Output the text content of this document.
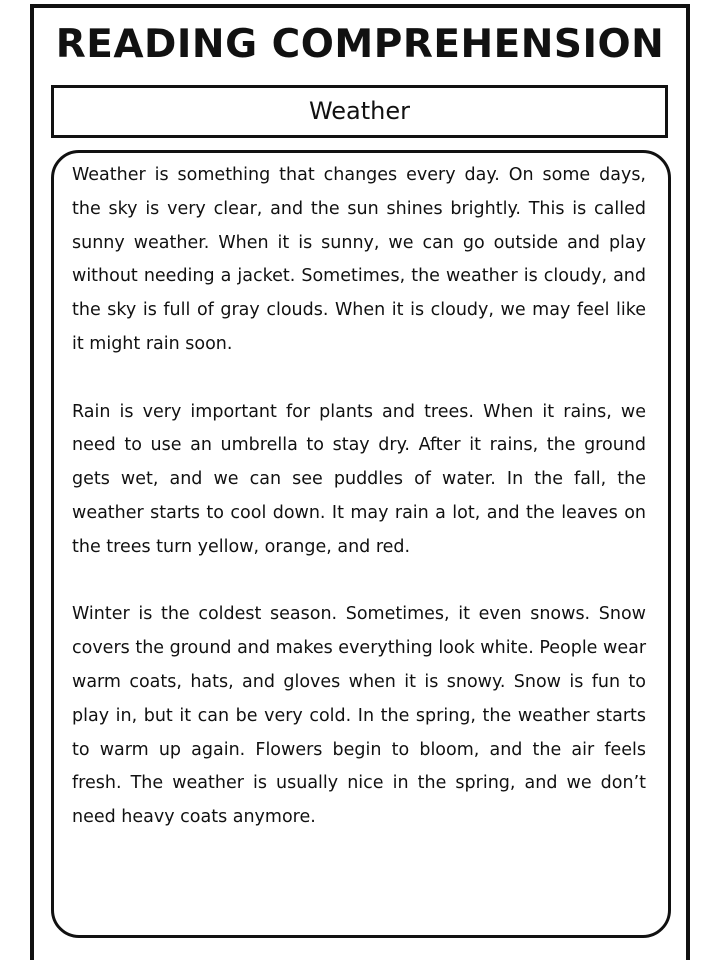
READING COMPREHENSION
Weather

Weather is something that changes every day. On some days, the sky is very clear, and the sun shines brightly. This is called sunny weather. When it is sunny, we can go outside and play without needing a jacket. Sometimes, the weather is cloudy, and the sky is full of gray clouds. When it is cloudy, we may feel like it might rain soon.

Rain is very important for plants and trees. When it rains, we need to use an umbrella to stay dry. After it rains, the ground gets wet, and we can see puddles of water. In the fall, the weather starts to cool down. It may rain a lot, and the leaves on the trees turn yellow, orange, and red.

Winter is the coldest season. Sometimes, it even snows. Snow covers the ground and makes everything look white. People wear warm coats, hats, and gloves when it is snowy. Snow is fun to play in, but it can be very cold. In the spring, the weather starts to warm up again. Flowers begin to bloom, and the air feels fresh. The weather is usually nice in the spring, and we don’t need heavy coats anymore.
